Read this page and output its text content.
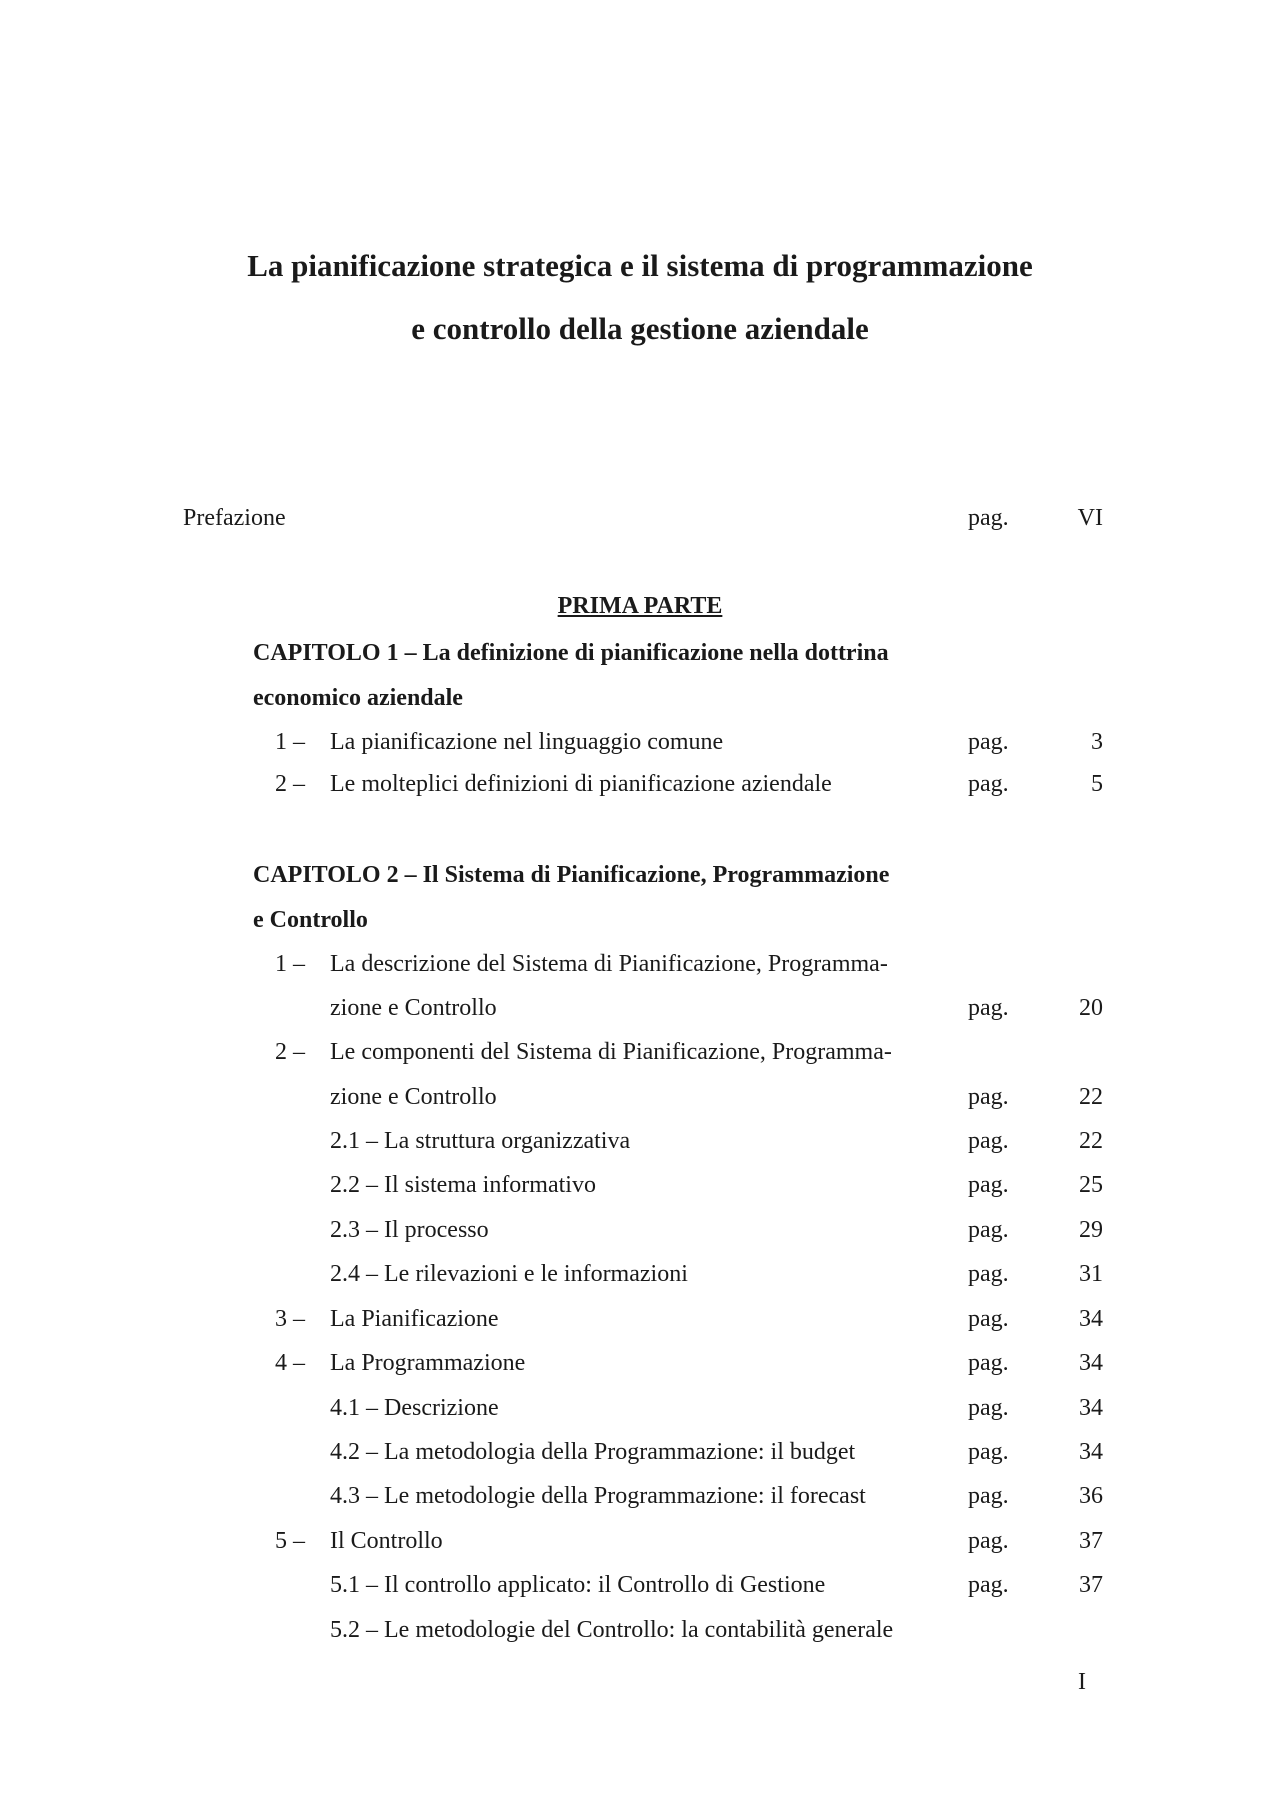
La pianificazione strategica e il sistema di programmazione
e controllo della gestione aziendale
Prefazione	pag.	VI
PRIMA PARTE
CAPITOLO 1 – La definizione di pianificazione nella dottrina
economico aziendale
1 – La pianificazione nel linguaggio comune	pag.	3
2 – Le molteplici definizioni di pianificazione aziendale	pag.	5
CAPITOLO 2 – Il Sistema di Pianificazione, Programmazione
e Controllo
1 – La descrizione del Sistema di Pianificazione, Programma-
zione e Controllo	pag.	20
2 – Le componenti del Sistema di Pianificazione, Programma-
zione e Controllo	pag.	22
2.1 – La struttura organizzativa	pag.	22
2.2 – Il sistema informativo	pag.	25
2.3 – Il processo	pag.	29
2.4 – Le rilevazioni e le informazioni	pag.	31
3 – La Pianificazione	pag.	34
4 – La Programmazione	pag.	34
4.1 – Descrizione	pag.	34
4.2 – La metodologia della Programmazione: il budget	pag.	34
4.3 – Le metodologie della Programmazione: il forecast	pag.	36
5 – Il Controllo	pag.	37
5.1 – Il controllo applicato: il Controllo di Gestione	pag.	37
5.2 – Le metodologie del Controllo: la contabilità generale
I
